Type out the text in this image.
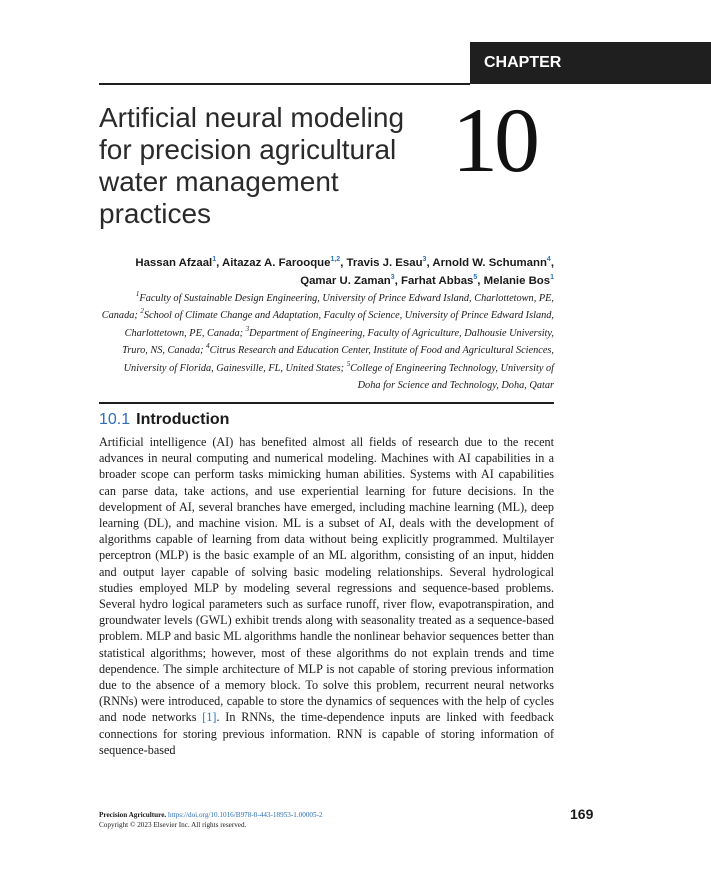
CHAPTER
Artificial neural modeling for precision agricultural water management practices
10
Hassan Afzaal$^1$, Aitazaz A. Farooque$^{1,2}$, Travis J. Esau$^3$, Arnold W. Schumann$^4$,
Qamar U. Zaman$^3$, Farhat Abbas$^5$, Melanie Bos$^1$
$^1$Faculty of Sustainable Design Engineering, University of Prince Edward Island, Charlottetown, PE, Canada; $^2$School of Climate Change and Adaptation, Faculty of Science, University of Prince Edward Island, Charlottetown, PE, Canada; $^3$Department of Engineering, Faculty of Agriculture, Dalhousie University, Truro, NS, Canada; $^4$Citrus Research and Education Center, Institute of Food and Agricultural Sciences, University of Florida, Gainesville, FL, United States; $^5$College of Engineering Technology, University of Doha for Science and Technology, Doha, Qatar
10.1 Introduction

Artificial intelligence (AI) has benefited almost all fields of research due to the recent advances in neural computing and numerical modeling. Machines with AI capabilities in a broader scope can perform tasks mimicking human abilities. Systems with AI capabilities can parse data, take actions, and use experiential learning for future decisions. In the development of AI, several branches have emerged, including machine learning (ML), deep learning (DL), and machine vision. ML is a subset of AI, deals with the development of algorithms capable of learning from data without being explicitly programmed. Multilayer perceptron (MLP) is the basic example of an ML algorithm, consisting of an input, hidden and output layer capable of solving basic modeling relationships. Several hydrological studies employed MLP by modeling several regressions and sequence-based problems. Several hydro logical parameters such as surface runoff, river flow, evapotranspiration, and groundwater levels (GWL) exhibit trends along with seasonality treated as a sequence-based problem. MLP and basic ML algorithms handle the nonlinear behavior sequences better than statistical algorithms; however, most of these algorithms do not explain trends and time dependence. The simple architecture of MLP is not capable of storing previous information due to the absence of a memory block. To solve this problem, recurrent neural networks (RNNs) were introduced, capable to store the dynamics of sequences with the help of cycles and node networks [1]. In RNNs, the time-dependence inputs are linked with feedback connections for storing previous information. RNN is capable of storing information of sequence-based

Precision Agriculture. https://doi.org/10.1016/B978-0-443-18953-1.00005-2
Copyright © 2023 Elsevier Inc. All rights reserved.
169
